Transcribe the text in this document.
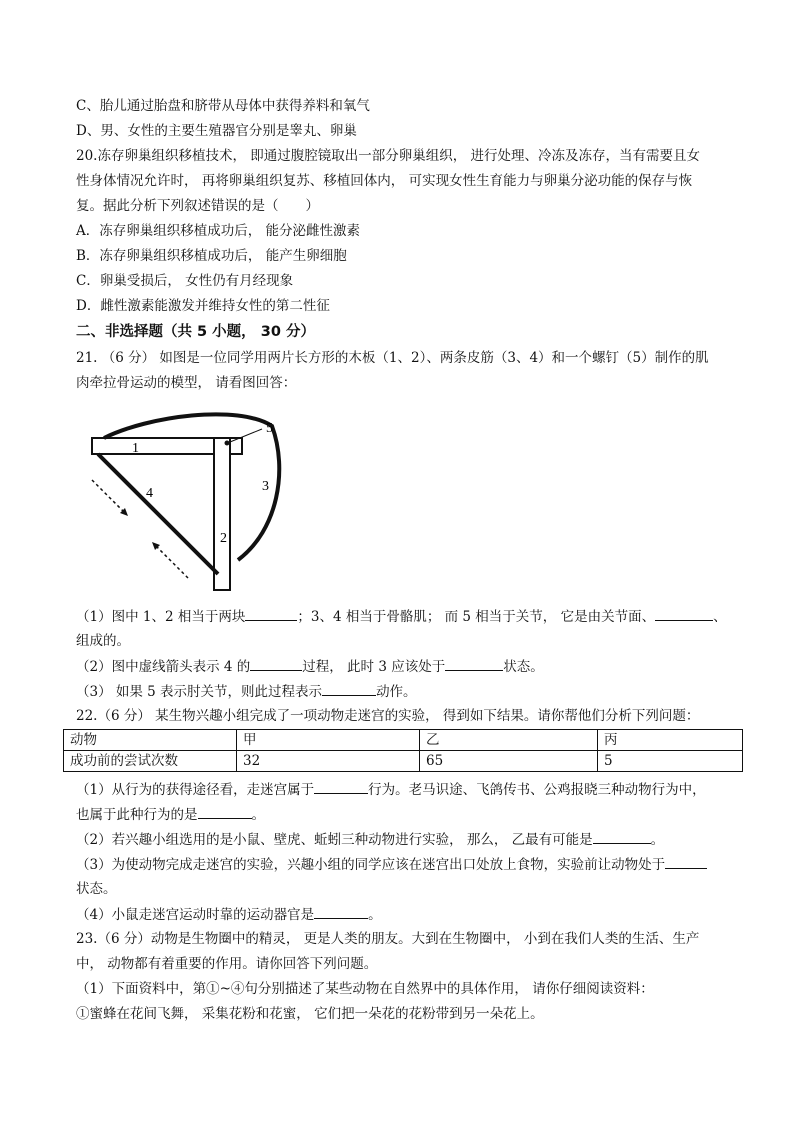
C、胎儿通过胎盘和脐带从母体中获得养料和氧气
D、男、女性的主要生殖器官分别是睾丸、卵巢
20.冻存卵巢组织移植技术， 即通过腹腔镜取出一部分卵巢组织， 进行处理、冷冻及冻存，当有需要且女
性身体情况允许时， 再将卵巢组织复苏、移植回体内， 可实现女性生育能力与卵巢分泌功能的保存与恢
复。据此分析下列叙述错误的是（　　）
A．冻存卵巢组织移植成功后， 能分泌雌性激素
B．冻存卵巢组织移植成功后， 能产生卵细胞
C．卵巢受损后， 女性仍有月经现象
D．雌性激素能激发并维持女性的第二性征
二、非选择题（共 5 小题， 30 分）
21. （6 分） 如图是一位同学用两片长方形的木板（1、2）、两条皮筋（3、4）和一个螺钉（5）制作的肌
肉牵拉骨运动的模型， 请看图回答：
1
2
3
4
5
（1）图中 1、2 相当于两块	；3、4 相当于骨骼肌； 而 5 相当于关节， 它是由关节面、	、
组成的。
（2）图中虚线箭头表示 4 的	过程， 此时 3 应该处于	状态。
（3） 如果 5 表示肘关节，则此过程表示	动作。
22.（6 分） 某生物兴趣小组完成了一项动物走迷宫的实验， 得到如下结果。请你帮他们分析下列问题：
动物	甲	乙	丙
成功前的尝试次数	32	65	5
（1）从行为的获得途径看，走迷宫属于	行为。老马识途、飞鸽传书、公鸡报晓三种动物行为中，
也属于此种行为的是	。
（2）若兴趣小组选用的是小鼠、壁虎、蚯蚓三种动物进行实验， 那么， 乙最有可能是	。
（3）为使动物完成走迷宫的实验，兴趣小组的同学应该在迷宫出口处放上食物，实验前让动物处于
状态。
（4）小鼠走迷宫运动时靠的运动器官是	。
23.（6 分）动物是生物圈中的精灵， 更是人类的朋友。大到在生物圈中， 小到在我们人类的生活、生产
中， 动物都有着重要的作用。请你回答下列问题。
（1）下面资料中，第①~④句分别描述了某些动物在自然界中的具体作用， 请你仔细阅读资料：
①蜜蜂在花间飞舞， 采集花粉和花蜜， 它们把一朵花的花粉带到另一朵花上。
